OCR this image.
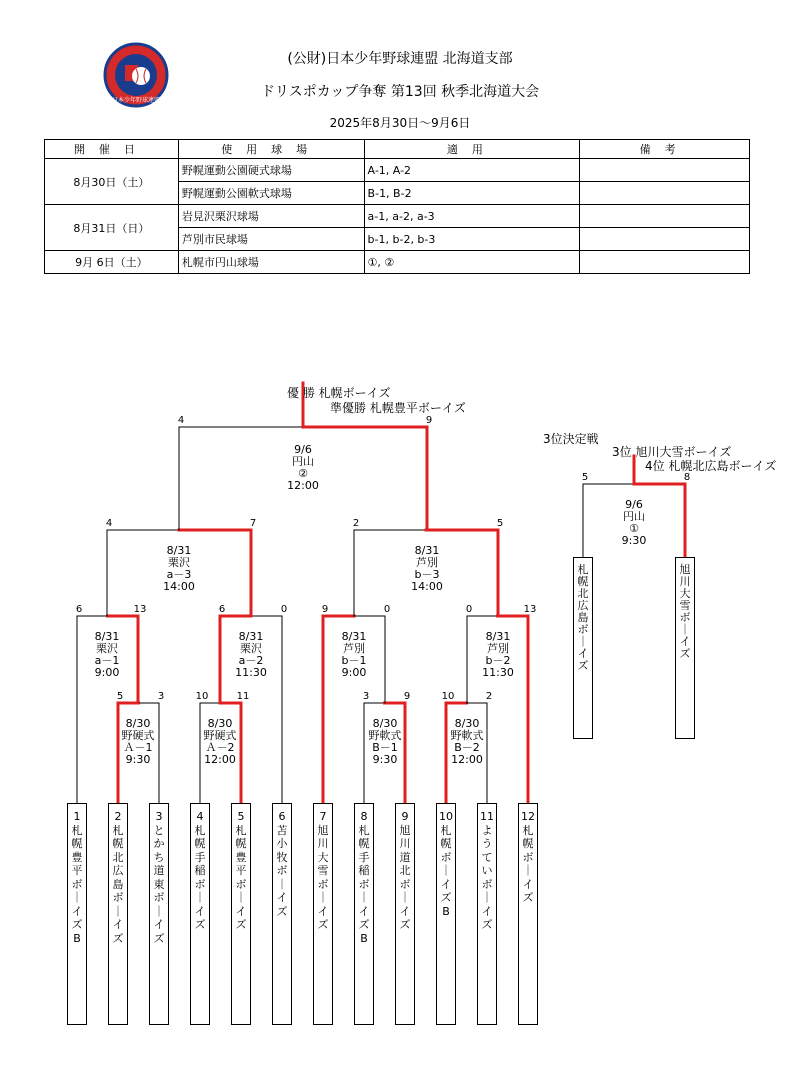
(公財)日本少年野球連盟 北海道支部
ドリスポカップ争奪 第13回 秋季北海道大会
2025年8月30日～9月6日
日本少年野球連盟
開催日	使用球場	適用	備考
8月30日（土）	野幌運動公園硬式球場	A-1, A-2	
	野幌運動公園軟式球場	B-1, B-2	
8月31日（日）	岩見沢栗沢球場	a-1, a-2, a-3	
	芦別市民球場	b-1, b-2, b-3	
9月 6日（土）	札幌市円山球場	①, ②	
5	3	10	11	3	9	10	2
6	13	6	0	9	0	0	13
4	7	2	5
4	9
5	8
優 勝 札幌ボーイズ
準優勝 札幌豊平ボーイズ
3位決定戦
3位 旭川大雪ボーイズ
4位 札幌北広島ボーイズ
1
札
幌
豊
平
ボ
｜
イ
ズ
B
2
札
幌
北
広
島
ボ
｜
イ
ズ
3
と
か
ち
道
東
ボ
｜
イ
ズ
4
札
幌
手
稲
ボ
｜
イ
ズ
5
札
幌
豊
平
ボ
｜
イ
ズ
6
苫
小
牧
ボ
｜
イ
ズ
7
旭
川
大
雪
ボ
｜
イ
ズ
8
札
幌
手
稲
ボ
｜
イ
ズ
B
9
旭
川
道
北
ボ
｜
イ
ズ
10
札
幌
ボ
｜
イ
ズ
B
11
よ
う
て
い
ボ
｜
イ
ズ
12
札
幌
ボ
｜
イ
ズ
札
幌
北
広
島
ボ
｜
イ
ズ
旭
川
大
雪
ボ
｜
イ
ズ
8/30
野硬式
Ａ－1
9:30
8/30
野硬式
Ａ－2
12:00
8/30
野軟式
B－1
9:30
8/30
野軟式
B－2
12:00
8/31
栗沢
a－1
9:00
8/31
栗沢
a－2
11:30
8/31
芦別
b－1
9:00
8/31
芦別
b－2
11:30
8/31
栗沢
a－3
14:00
8/31
芦別
b－3
14:00
9/6
円山
②
12:00
9/6
円山
①
9:30
